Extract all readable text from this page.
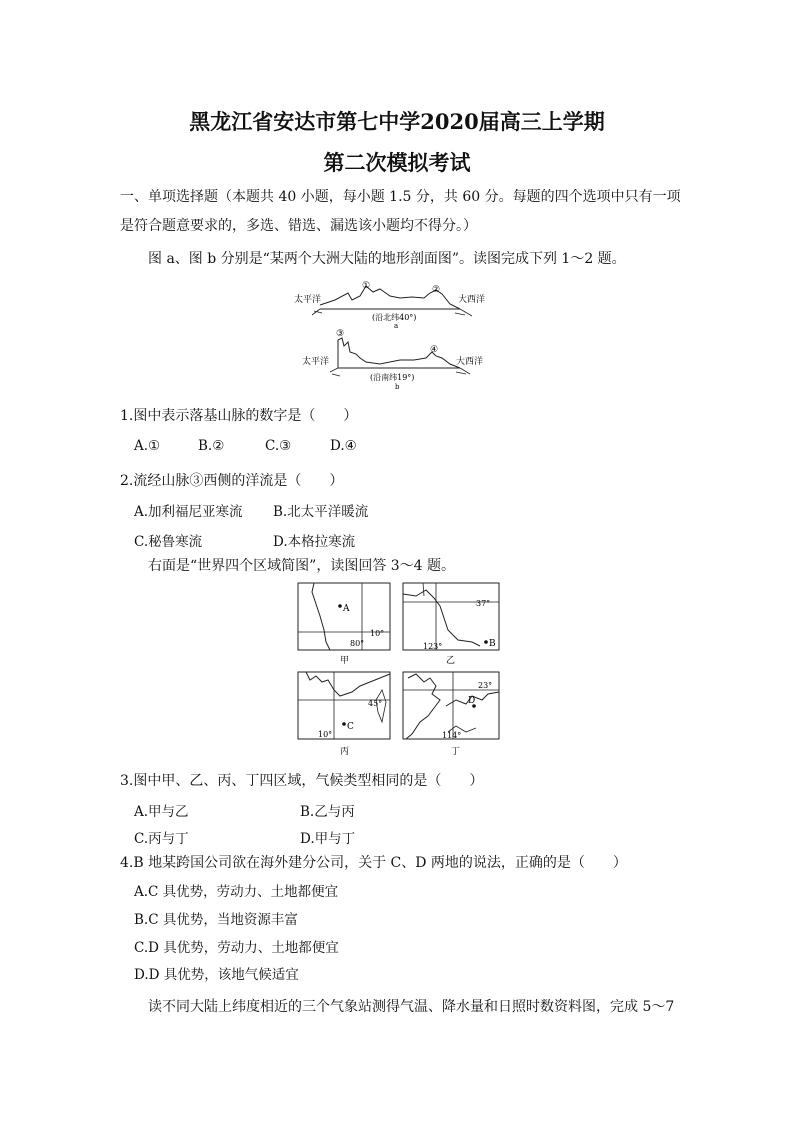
黑龙江省安达市第七中学2020届高三上学期
第二次模拟考试
一、单项选择题（本题共 40 小题，每小题 1.5 分，共 60 分。每题的四个选项中只有一项
是符合题意要求的，多选、错选、漏选该小题均不得分。）
图 a、图 b 分别是“某两个大洲大陆的地形剖面图”。读图完成下列 1～2 题。
太平洋	大西洋
①	②
(沿北纬40°)
a
太平洋	大西洋
③
④
(沿南纬19°)
b
1.图中表示落基山脉的数字是（　　）
A.①	B.②	C.③	D.④
2.流经山脉③西侧的洋流是（　　）
A.加利福尼亚寒流 B.北太平洋暖流
C.秘鲁寒流	D.本格拉寒流
右面是“世界四个区域简图”，读图回答 3～4 题。
A
10°
80°
甲
B
37°
123°
乙
C
45°
10°
丙
D
23°
114°
丁
3.图中甲、乙、丙、丁四区域，气候类型相同的是（　　）
A.甲与乙	B.乙与丙
C.丙与丁	D.甲与丁
4.B 地某跨国公司欲在海外建分公司，关于 C、D 两地的说法，正确的是（　　）
A.C 具优势，劳动力、土地都便宜
B.C 具优势，当地资源丰富
C.D 具优势，劳动力、土地都便宜
D.D 具优势，该地气候适宜
读不同大陆上纬度相近的三个气象站测得气温、降水量和日照时数资料图，完成 5～7
